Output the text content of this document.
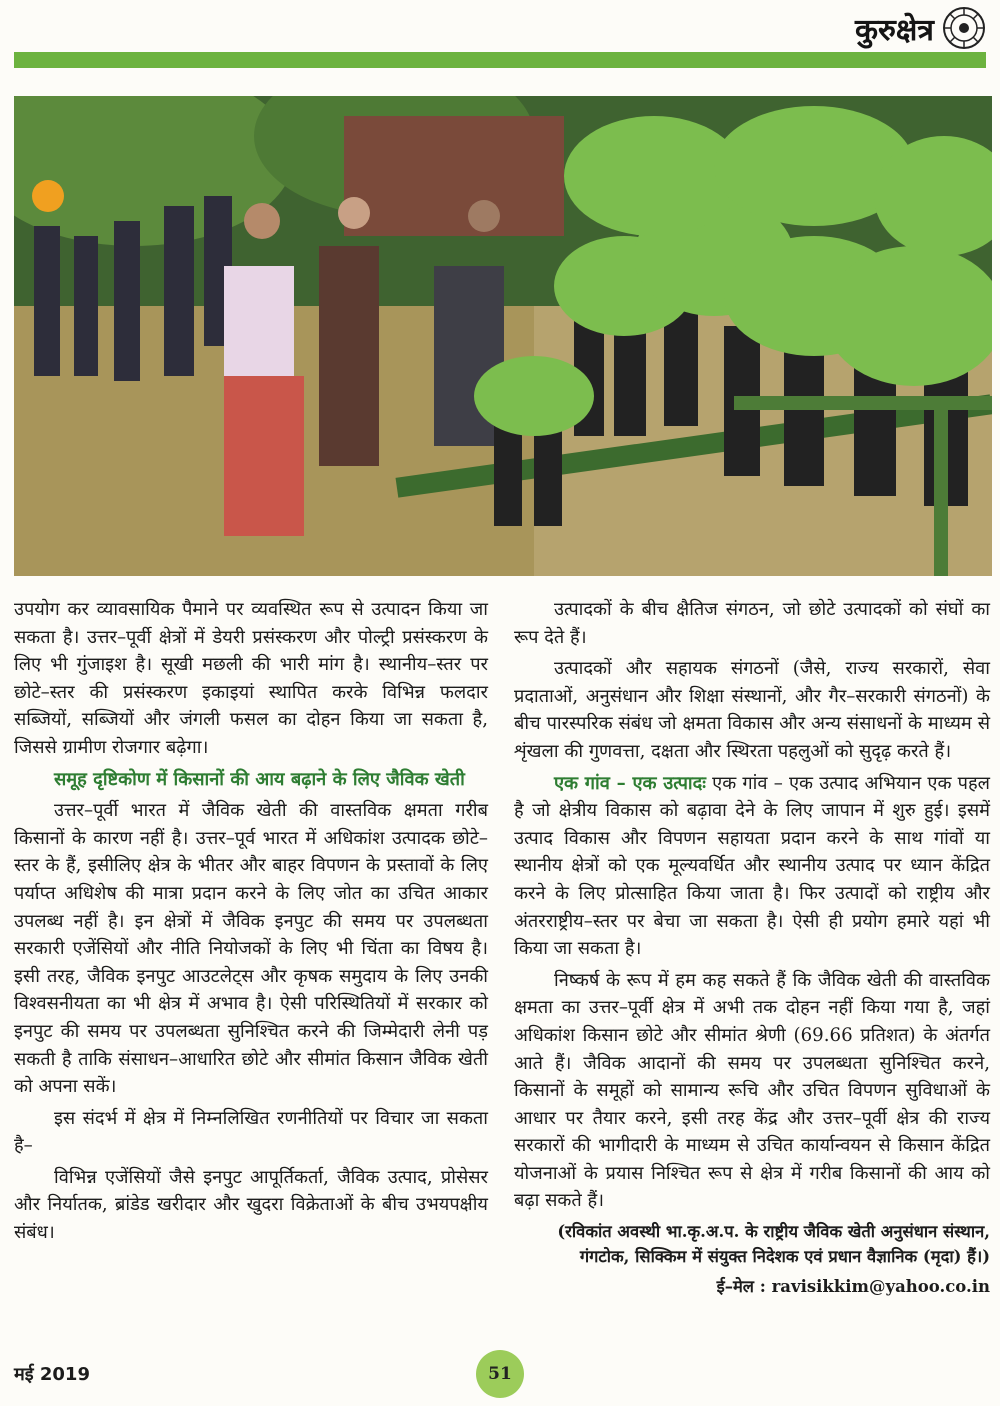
कुरुक्षेत्र

उपयोग कर व्यावसायिक पैमाने पर व्यवस्थित रूप से उत्पादन किया जा सकता है। उत्तर–पूर्वी क्षेत्रों में डेयरी प्रसंस्करण और पोल्ट्री प्रसंस्करण के लिए भी गुंजाइश है। सूखी मछली की भारी मांग है। स्थानीय–स्तर पर छोटे–स्तर की प्रसंस्करण इकाइयां स्थापित करके विभिन्न फलदार सब्जियों, सब्जियों और जंगली फसल का दोहन किया जा सकता है, जिससे ग्रामीण रोजगार बढ़ेगा।

समूह दृष्टिकोण में किसानों की आय बढ़ाने के लिए जैविक खेती

उत्तर–पूर्वी भारत में जैविक खेती की वास्तविक क्षमता गरीब किसानों के कारण नहीं है। उत्तर–पूर्व भारत में अधिकांश उत्पादक छोटे–स्तर के हैं, इसीलिए क्षेत्र के भीतर और बाहर विपणन के प्रस्तावों के लिए पर्याप्त अधिशेष की मात्रा प्रदान करने के लिए जोत का उचित आकार उपलब्ध नहीं है। इन क्षेत्रों में जैविक इनपुट की समय पर उपलब्धता सरकारी एजेंसियों और नीति नियोजकों के लिए भी चिंता का विषय है। इसी तरह, जैविक इनपुट आउटलेट्स और कृषक समुदाय के लिए उनकी विश्वसनीयता का भी क्षेत्र में अभाव है। ऐसी परिस्थितियों में सरकार को इनपुट की समय पर उपलब्धता सुनिश्चित करने की जिम्मेदारी लेनी पड़ सकती है ताकि संसाधन–आधारित छोटे और सीमांत किसान जैविक खेती को अपना सकें।

इस संदर्भ में क्षेत्र में निम्नलिखित रणनीतियों पर विचार जा सकता है–

विभिन्न एजेंसियों जैसे इनपुट आपूर्तिकर्ता, जैविक उत्पाद, प्रोसेसर और निर्यातक, ब्रांडेड खरीदार और खुदरा विक्रेताओं के बीच उभयपक्षीय संबंध।

उत्पादकों के बीच क्षैतिज संगठन, जो छोटे उत्पादकों को संघों का रूप देते हैं।

उत्पादकों और सहायक संगठनों (जैसे, राज्य सरकारों, सेवा प्रदाताओं, अनुसंधान और शिक्षा संस्थानों, और गैर–सरकारी संगठनों) के बीच पारस्परिक संबंध जो क्षमता विकास और अन्य संसाधनों के माध्यम से शृंखला की गुणवत्ता, दक्षता और स्थिरता पहलुओं को सुदृढ़ करते हैं।

एक गांव – एक उत्पादः एक गांव – एक उत्पाद अभियान एक पहल है जो क्षेत्रीय विकास को बढ़ावा देने के लिए जापान में शुरु हुई। इसमें उत्पाद विकास और विपणन सहायता प्रदान करने के साथ गांवों या स्थानीय क्षेत्रों को एक मूल्यवर्धित और स्थानीय उत्पाद पर ध्यान केंद्रित करने के लिए प्रोत्साहित किया जाता है। फिर उत्पादों को राष्ट्रीय और अंतरराष्ट्रीय–स्तर पर बेचा जा सकता है। ऐसी ही प्रयोग हमारे यहां भी किया जा सकता है।

निष्कर्ष के रूप में हम कह सकते हैं कि जैविक खेती की वास्तविक क्षमता का उत्तर–पूर्वी क्षेत्र में अभी तक दोहन नहीं किया गया है, जहां अधिकांश किसान छोटे और सीमांत श्रेणी (69.66 प्रतिशत) के अंतर्गत आते हैं। जैविक आदानों की समय पर उपलब्धता सुनिश्चित करने, किसानों के समूहों को सामान्य रूचि और उचित विपणन सुविधाओं के आधार पर तैयार करने, इसी तरह केंद्र और उत्तर–पूर्वी क्षेत्र की राज्य सरकारों की भागीदारी के माध्यम से उचित कार्यान्वयन से किसान केंद्रित योजनाओं के प्रयास निश्चित रूप से क्षेत्र में गरीब किसानों की आय को बढ़ा सकते हैं।

(रविकांत अवस्थी भा.कृ.अ.प. के राष्ट्रीय जैविक खेती अनुसंधान संस्थान, गंगटोक, सिक्किम में संयुक्त निदेशक एवं प्रधान वैज्ञानिक (मृदा) हैं।)
ई–मेल : ravisikkim@yahoo.co.in
मई 2019	51
